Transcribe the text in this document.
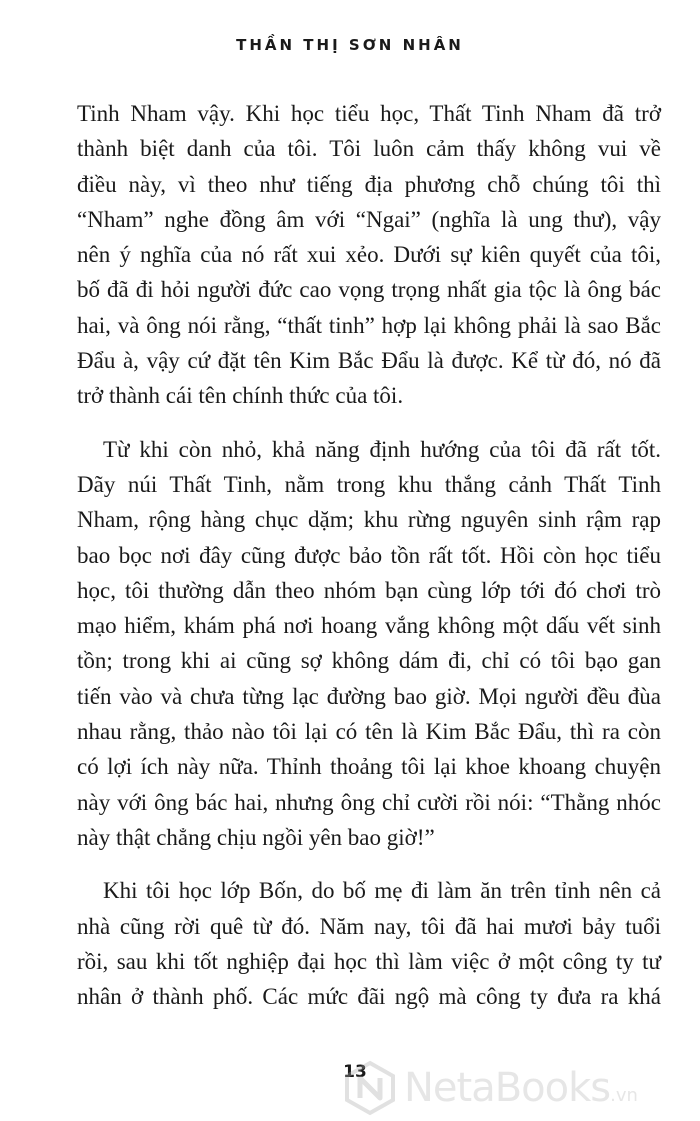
THẦN THỊ SƠN NHÂN

Tinh Nham vậy. Khi học tiểu học, Thất Tinh Nham đã trở
thành biệt danh của tôi. Tôi luôn cảm thấy không vui về
điều này, vì theo như tiếng địa phương chỗ chúng tôi thì
“Nham” nghe đồng âm với “Ngai” (nghĩa là ung thư), vậy
nên ý nghĩa của nó rất xui xẻo. Dưới sự kiên quyết của tôi,
bố đã đi hỏi người đức cao vọng trọng nhất gia tộc là ông bác
hai, và ông nói rằng, “thất tinh” hợp lại không phải là sao Bắc
Đẩu à, vậy cứ đặt tên Kim Bắc Đẩu là được. Kể từ đó, nó đã
trở thành cái tên chính thức của tôi.

Từ khi còn nhỏ, khả năng định hướng của tôi đã rất tốt.
Dãy núi Thất Tinh, nằm trong khu thắng cảnh Thất Tinh
Nham, rộng hàng chục dặm; khu rừng nguyên sinh rậm rạp
bao bọc nơi đây cũng được bảo tồn rất tốt. Hồi còn học tiểu
học, tôi thường dẫn theo nhóm bạn cùng lớp tới đó chơi trò
mạo hiểm, khám phá nơi hoang vắng không một dấu vết sinh
tồn; trong khi ai cũng sợ không dám đi, chỉ có tôi bạo gan
tiến vào và chưa từng lạc đường bao giờ. Mọi người đều đùa
nhau rằng, thảo nào tôi lại có tên là Kim Bắc Đẩu, thì ra còn
có lợi ích này nữa. Thỉnh thoảng tôi lại khoe khoang chuyện
này với ông bác hai, nhưng ông chỉ cười rồi nói: “Thằng nhóc
này thật chẳng chịu ngồi yên bao giờ!”

Khi tôi học lớp Bốn, do bố mẹ đi làm ăn trên tỉnh nên cả
nhà cũng rời quê từ đó. Năm nay, tôi đã hai mươi bảy tuổi
rồi, sau khi tốt nghiệp đại học thì làm việc ở một công ty tư
nhân ở thành phố. Các mức đãi ngộ mà công ty đưa ra khá

13 NetaBooks.vn
